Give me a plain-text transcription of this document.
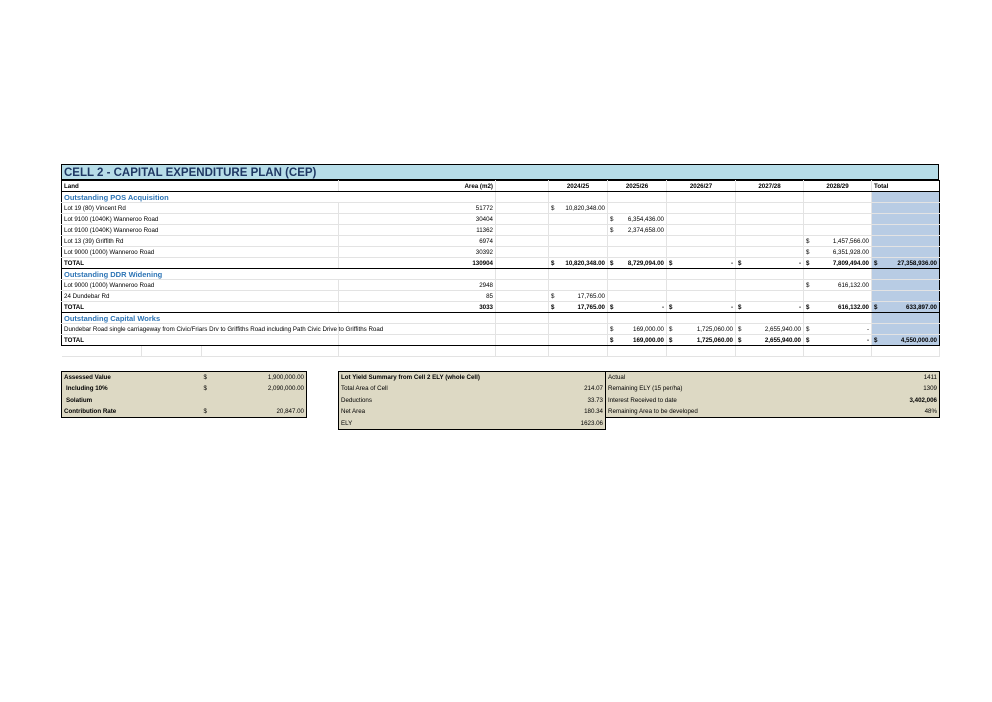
CELL 2 - CAPITAL EXPENDITURE PLAN (CEP)
Land			Area (m2)		2024/25	2025/26	2026/27	2027/28	2028/29	Total
Outstanding POS Acquisition										
Lot 19 (80) Vincent Rd			51772		$ 10,820,348.00					

Lot 9100 (1040K) Wanneroo Road			30404			$ 6,354,436.00				

Lot 9100 (1040K) Wanneroo Road			11362			$ 2,374,658.00				

Lot 13 (39) Griffith Rd			6974						$ 1,457,566.00	

Lot 9000 (1000) Wanneroo Road			30392						$ 6,351,928.00	

TOTAL			130904		$ 10,820,348.00	$ 8,729,094.00	$ -	$ -	$ 7,809,494.00	$ 27,358,936.00

Outstanding DDR Widening										
Lot 9000 (1000) Wanneroo Road			2948						$ 616,132.00	

24 Dundebar Rd			85		$ 17,765.00					

TOTAL			3033		$ 17,765.00	$ -	$ -	$ -	$ 616,132.00	$ 633,897.00

Outstanding Capital Works										
Dundebar Road single carriageway from Civic/Friars Drv to Griffiths Road including Path Civic Drive to Griffiths Road						$ 169,000.00	$ 1,725,060.00	$ 2,655,940.00	$ -	

TOTAL						$ 169,000.00	$ 1,725,060.00	$ 2,655,940.00	$ -	$ 4,550,000.00

Assessed Value	$ 1,900,000.00		Lot Yield Summary from Cell 2 ELY (whole Cell)		Actual	1411
Including 10%	$ 2,090,000.00		Total Area of Cell	214.07	Remaining ELY (15 per/ha)	1309
Solatium			Deductions	33.73	Interest Received to date	3,402,006
Contribution Rate	$ 20,847.00		Net Area	180.34	Remaining Area to be developed	48%
			ELY	1623.06		
